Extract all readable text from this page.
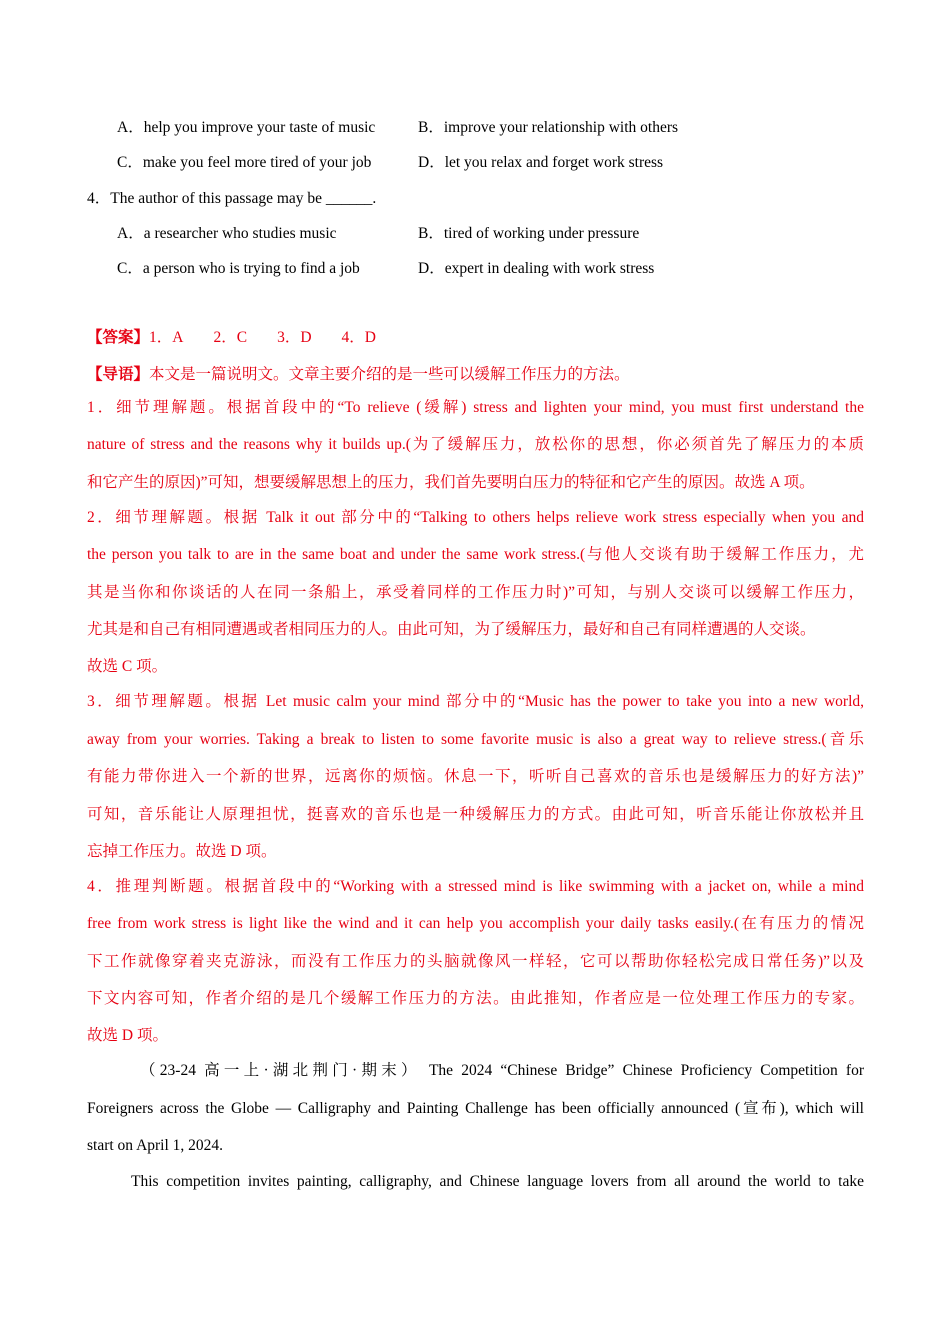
A．help you improve your taste of music	B．improve your relationship with others
C．make you feel more tired of your job	D．let you relax and forget work stress
4．The author of this passage may be ______.
A．a researcher who studies music	B．tired of working under pressure
C．a person who is trying to find a job	D．expert in dealing with work stress
【答案】1．A 2．C 3．D 4．D
【导语】本文是一篇说明文。文章主要介绍的是一些可以缓解工作压力的方法。
1．细节理解题。根据首段中的“To relieve (缓解) stress and lighten your mind, you must first understand the
nature of stress and the reasons why it builds up.(为了缓解压力，放松你的思想，你必须首先了解压力的本质
和它产生的原因)”可知，想要缓解思想上的压力，我们首先要明白压力的特征和它产生的原因。故选 A 项。
2．细节理解题。根据 Talk it out 部分中的“Talking to others helps relieve work stress especially when you and
the person you talk to are in the same boat and under the same work stress.(与他人交谈有助于缓解工作压力，尤
其是当你和你谈话的人在同一条船上，承受着同样的工作压力时)”可知，与别人交谈可以缓解工作压力，
尤其是和自己有相同遭遇或者相同压力的人。由此可知，为了缓解压力，最好和自己有同样遭遇的人交谈。
故选 C 项。
3．细节理解题。根据 Let music calm your mind 部分中的“Music has the power to take you into a new world,
away from your worries. Taking a break to listen to some favorite music is also a great way to relieve stress.(音乐
有能力带你进入一个新的世界，远离你的烦恼。休息一下，听听自己喜欢的音乐也是缓解压力的好方法)”
可知，音乐能让人原理担忧，挺喜欢的音乐也是一种缓解压力的方式。由此可知，听音乐能让你放松并且
忘掉工作压力。故选 D 项。
4．推理判断题。根据首段中的“Working with a stressed mind is like swimming with a jacket on, while a mind
free from work stress is light like the wind and it can help you accomplish your daily tasks easily.(在有压力的情况
下工作就像穿着夹克游泳，而没有工作压力的头脑就像风一样轻，它可以帮助你轻松完成日常任务)”以及
下文内容可知，作者介绍的是几个缓解工作压力的方法。由此推知，作者应是一位处理工作压力的专家。
故选 D 项。
（23-24 高一上·湖北荆门·期末） The 2024 “Chinese Bridge” Chinese Proficiency Competition for
Foreigners across the Globe — Calligraphy and Painting Challenge has been officially announced (宣布), which will
start on April 1, 2024.
This competition invites painting, calligraphy, and Chinese language lovers from all around the world to take
